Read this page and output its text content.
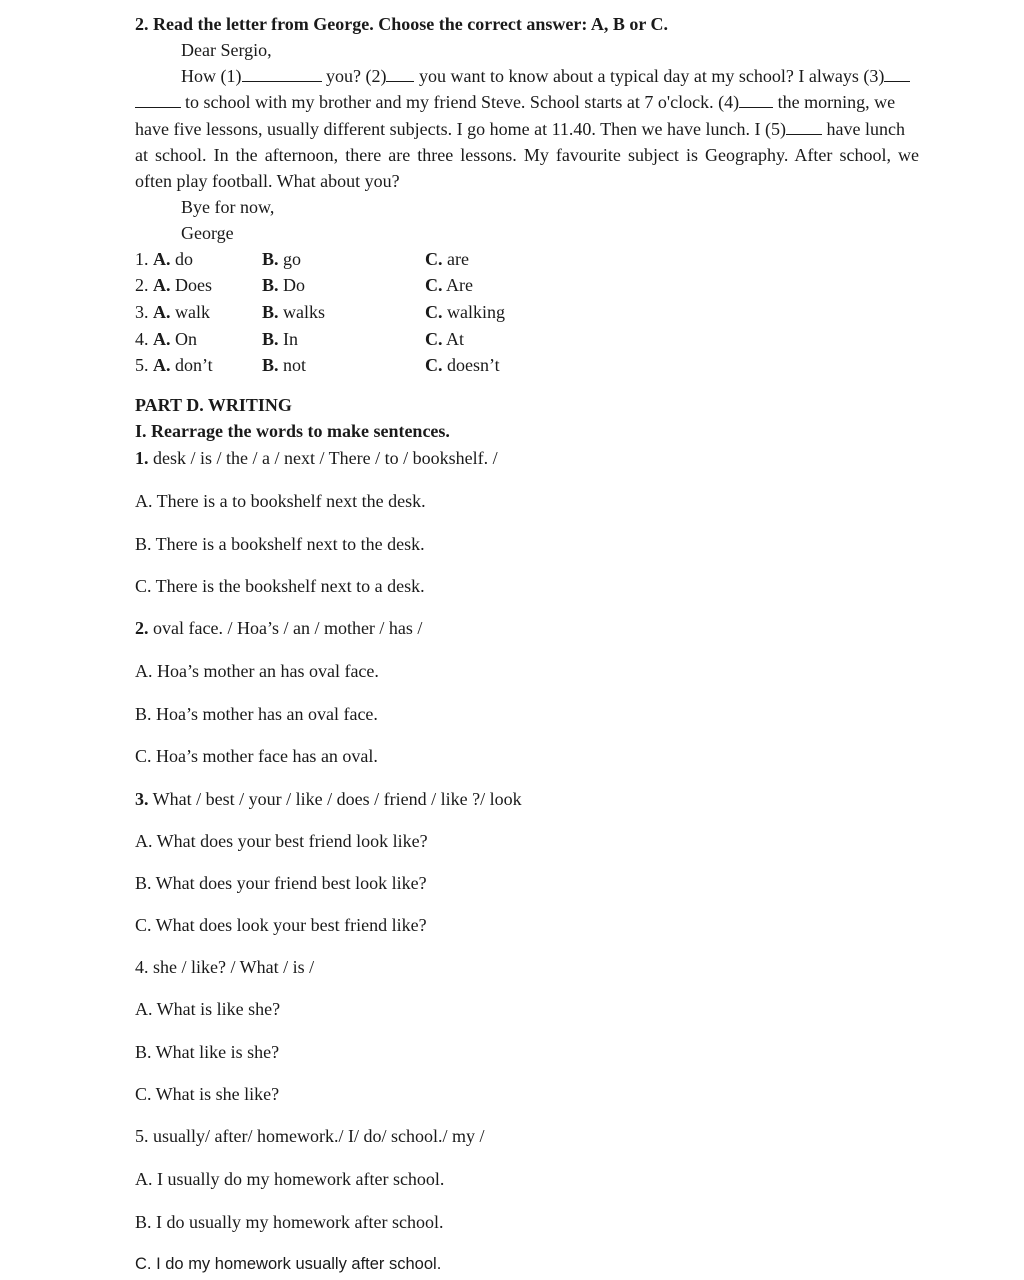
2. Read the letter from George. Choose the correct answer: A, B or C.
Dear Sergio,
How (1)	you? (2) you want to know about a typical day at my school? I always (3)
to school with my brother and my friend Steve. School starts at 7 o'clock. (4) the morning, we
have five lessons, usually different subjects. I go home at 11.40. Then we have lunch. I (5) have lunch
at school. In the afternoon, there are three lessons. My favourite subject is Geography. After school, we
often play football. What about you?
Bye for now,
George
1. A. do	B. go	C. are
2. A. Does	B. Do	C. Are
3. A. walk	B. walks	C. walking
4. A. On	B. In	C. At
5. A. don’t	B. not	C. doesn’t
PART D. WRITING
I. Rearrage the words to make sentences.
1. desk / is / the / a / next / There / to / bookshelf. /
A. There is a to bookshelf next the desk.
B. There is a bookshelf next to the desk.
C. There is the bookshelf next to a desk.
2. oval face. / Hoa’s / an / mother / has /
A. Hoa’s mother an has oval face.
B. Hoa’s mother has an oval face.
C. Hoa’s mother face has an oval.
3. What / best / your / like / does / friend / like ?/ look
A. What does your best friend look like?
B. What does your friend best look like?
C. What does look your best friend like?
4. she / like? / What / is /
A. What is like she?
B. What like is she?
C. What is she like?
5. usually/ after/ homework./ I/ do/ school./ my /
A. I usually do my homework after school.
B. I do usually my homework after school.
C. I do my homework usually after school.
